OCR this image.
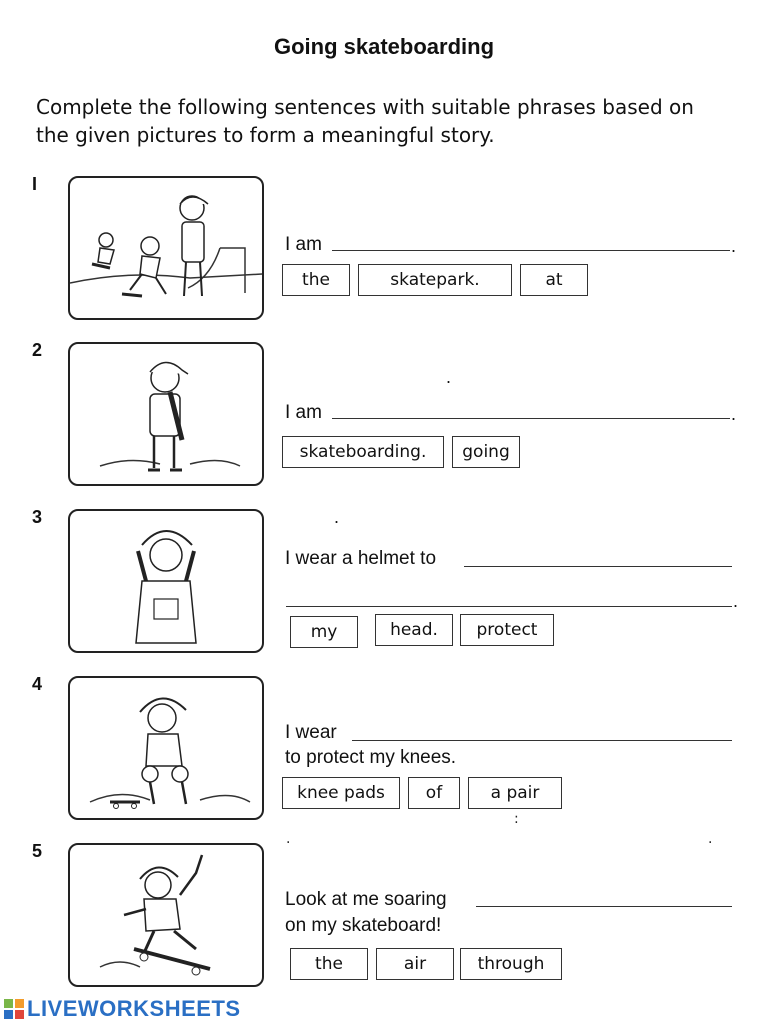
Going skateboarding
Complete the following sentences with suitable phrases based on the given pictures to form a meaningful story.
I
I am	.
the	skatepark.	at
2
.
I am	.
skateboarding.	going
3	.
I wear a helmet to
.
my	head.	protect
4
I wear
to protect my knees.
knee pads	of	a pair
:
5	·	·
Look at me soaring
on my skateboard!
the	air	through
LIVEWORKSHEETS
